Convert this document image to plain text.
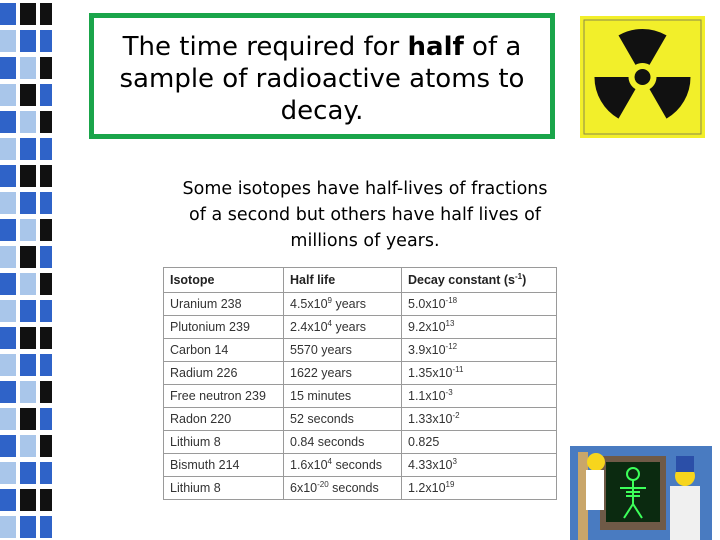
The time required for half of a sample of radioactive atoms to decay.
Some isotopes have half-lives of fractions of a second but others have half lives of millions of years.
Isotope	Half life	Decay constant $(s^{-1})$
Uranium 238	$4.5x10^9$ years	$5.0x10^{-18}$
Plutonium 239	$2.4x10^4$ years	$9.2x10^{13}$
Carbon 14	5570 years	$3.9x10^{-12}$
Radium 226	1622 years	$1.35x10^{-11}$
Free neutron 239	15 minutes	$1.1x10^{-3}$
Radon 220	52 seconds	$1.33x10^{-2}$
Lithium 8	0.84 seconds	0.825
Bismuth 214	$1.6x10^4$ seconds	$4.33x10^3$
Lithium 8	$6x10^{-20}$ seconds	$1.2x10^{19}$
